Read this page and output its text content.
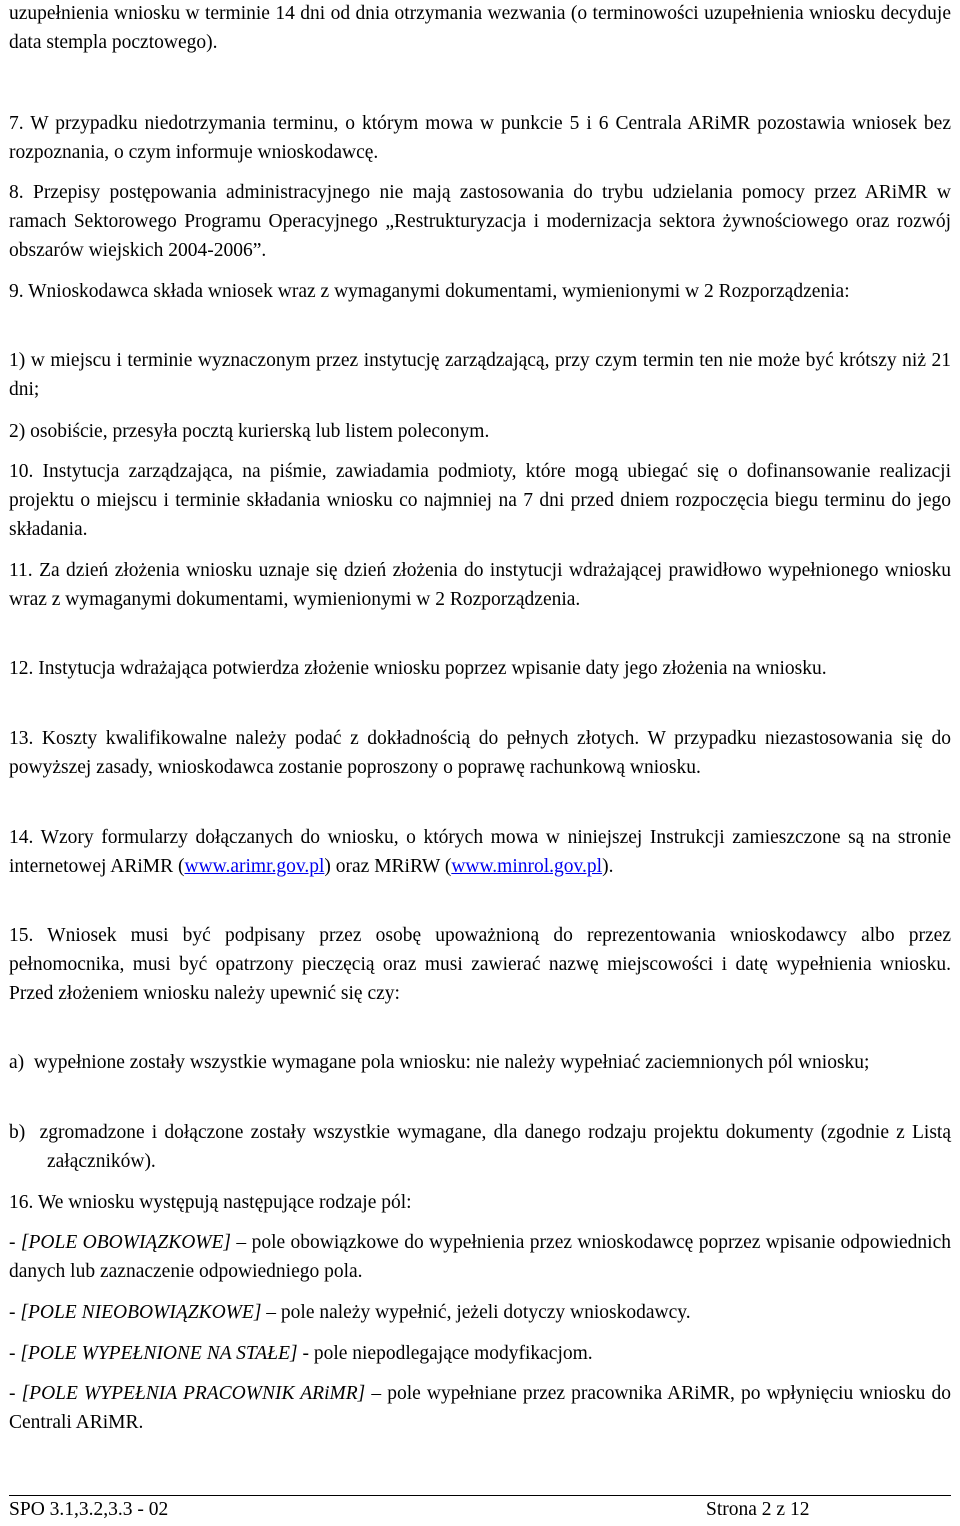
uzupełnienia wniosku w terminie 14 dni od dnia otrzymania wezwania (o terminowości uzupełnienia wniosku decyduje data stempla pocztowego).

7. W przypadku niedotrzymania terminu, o którym mowa w punkcie 5 i 6 Centrala ARiMR pozostawia wniosek bez rozpoznania, o czym informuje wnioskodawcę.

8. Przepisy postępowania administracyjnego nie mają zastosowania do trybu udzielania pomocy przez ARiMR w ramach Sektorowego Programu Operacyjnego „Restrukturyzacja i modernizacja sektora żywnościowego oraz rozwój obszarów wiejskich 2004-2006”.

9. Wnioskodawca składa wniosek wraz z wymaganymi dokumentami, wymienionymi w 2 Rozporządzenia:

1) w miejscu i terminie wyznaczonym przez instytucję zarządzającą, przy czym termin ten nie może być krótszy niż 21 dni;

2) osobiście, przesyła pocztą kurierską lub listem poleconym.

10. Instytucja zarządzająca, na piśmie, zawiadamia podmioty, które mogą ubiegać się o dofinansowanie realizacji projektu o miejscu i terminie składania wniosku co najmniej na 7 dni przed dniem rozpoczęcia biegu terminu do jego składania.

11. Za dzień złożenia wniosku uznaje się dzień złożenia do instytucji wdrażającej prawidłowo wypełnionego wniosku wraz z wymaganymi dokumentami, wymienionymi w 2 Rozporządzenia.

12. Instytucja wdrażająca potwierdza złożenie wniosku poprzez wpisanie daty jego złożenia na wniosku.

13. Koszty kwalifikowalne należy podać z dokładnością do pełnych złotych. W przypadku niezastosowania się do powyższej zasady, wnioskodawca zostanie poproszony o poprawę rachunkową wniosku.

14. Wzory formularzy dołączanych do wniosku, o których mowa w niniejszej Instrukcji zamieszczone są na stronie internetowej ARiMR (www.arimr.gov.pl) oraz MRiRW (www.minrol.gov.pl).

15. Wniosek musi być podpisany przez osobę upoważnioną do reprezentowania wnioskodawcy albo przez pełnomocnika, musi być opatrzony pieczęcią oraz musi zawierać nazwę miejscowości i datę wypełnienia wniosku. Przed złożeniem wniosku należy upewnić się czy:

a)  wypełnione zostały wszystkie wymagane pola wniosku: nie należy wypełniać zaciemnionych pól wniosku;

b)  zgromadzone i dołączone zostały wszystkie wymagane, dla danego rodzaju projektu dokumenty (zgodnie z Listą załączników).

16. We wniosku występują następujące rodzaje pól:

- [POLE OBOWIĄZKOWE] – pole obowiązkowe do wypełnienia przez wnioskodawcę poprzez wpisanie odpowiednich danych lub zaznaczenie odpowiedniego pola.

- [POLE NIEOBOWIĄZKOWE] – pole należy wypełnić, jeżeli dotyczy wnioskodawcy.

- [POLE WYPEŁNIONE NA STAŁE] - pole niepodlegające modyfikacjom.

- [POLE WYPEŁNIA PRACOWNIK ARiMR] – pole wypełniane przez pracownika ARiMR, po wpłynięciu wniosku do Centrali ARiMR.

SPO 3.1,3.2,3.3 - 02	Strona 2 z 12
